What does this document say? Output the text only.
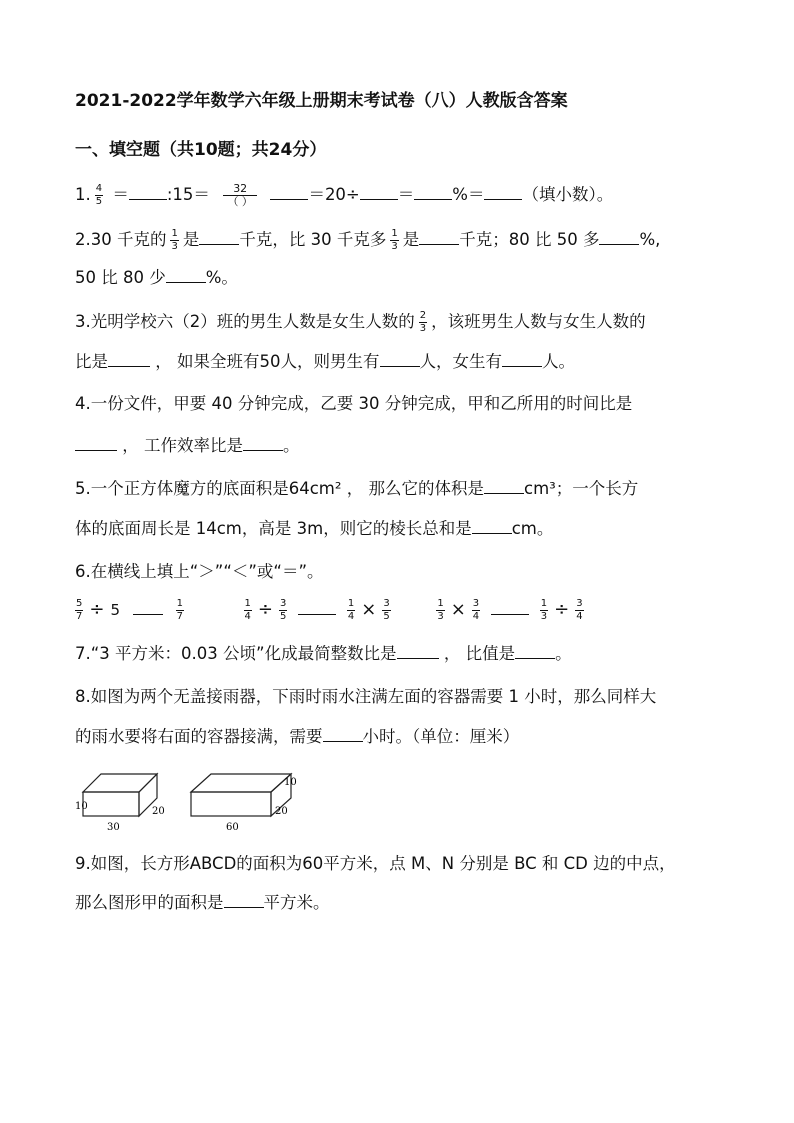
2021-2022学年数学六年级上册期末考试卷（八）人教版含答案
一、填空题（共10题；共24分）
1. $\frac{4}{5}$ ＝ :15＝ $\frac{32}{( )}$	＝20÷ ＝ %＝ （填小数）。
2.30 千克的 $\frac{1}{3}$ 是 千克，比 30 千克多 $\frac{1}{3}$ 是 千克；80 比 50 多 %,
50 比 80 少 %。
3.光明学校六（2）班的男生人数是女生人数的 $\frac{2}{3}$ ，该班男生人数与女生人数的
比是	， 如果全班有50人，则男生有 人，女生有 人。
4.一份文件，甲要 40 分钟完成，乙要 30 分钟完成，甲和乙所用的时间比是
， 工作效率比是 。
5.一个正方体魔方的底面积是64cm² ， 那么它的体积是 cm³；一个长方
体的底面周长是 14cm，高是 3m，则它的棱长总和是 cm。
6.在横线上填上“＞”“＜”或“＝”。
$\frac{5}{7} \div 5$	$\frac{1}{7}$
	$\frac{1}{4} \div \frac{3}{5}$
	$\frac{1}{4} \times \frac{3}{5}$
	$\frac{1}{3} \times \frac{3}{4}$
	$\frac{1}{3} \div \frac{3}{4}$
7.“3 平方米：0.03 公顷”化成最简整数比是	， 比值是 。
8.如图为两个无盖接雨器，下雨时雨水注满左面的容器需要 1 小时，那么同样大
的雨水要将右面的容器接满，需要 小时。（单位：厘米）
10
30
20
60
10
20
9.如图，长方形ABCD的面积为60平方米，点 M、N 分别是 BC 和 CD 边的中点，
那么图形甲的面积是 平方米。
